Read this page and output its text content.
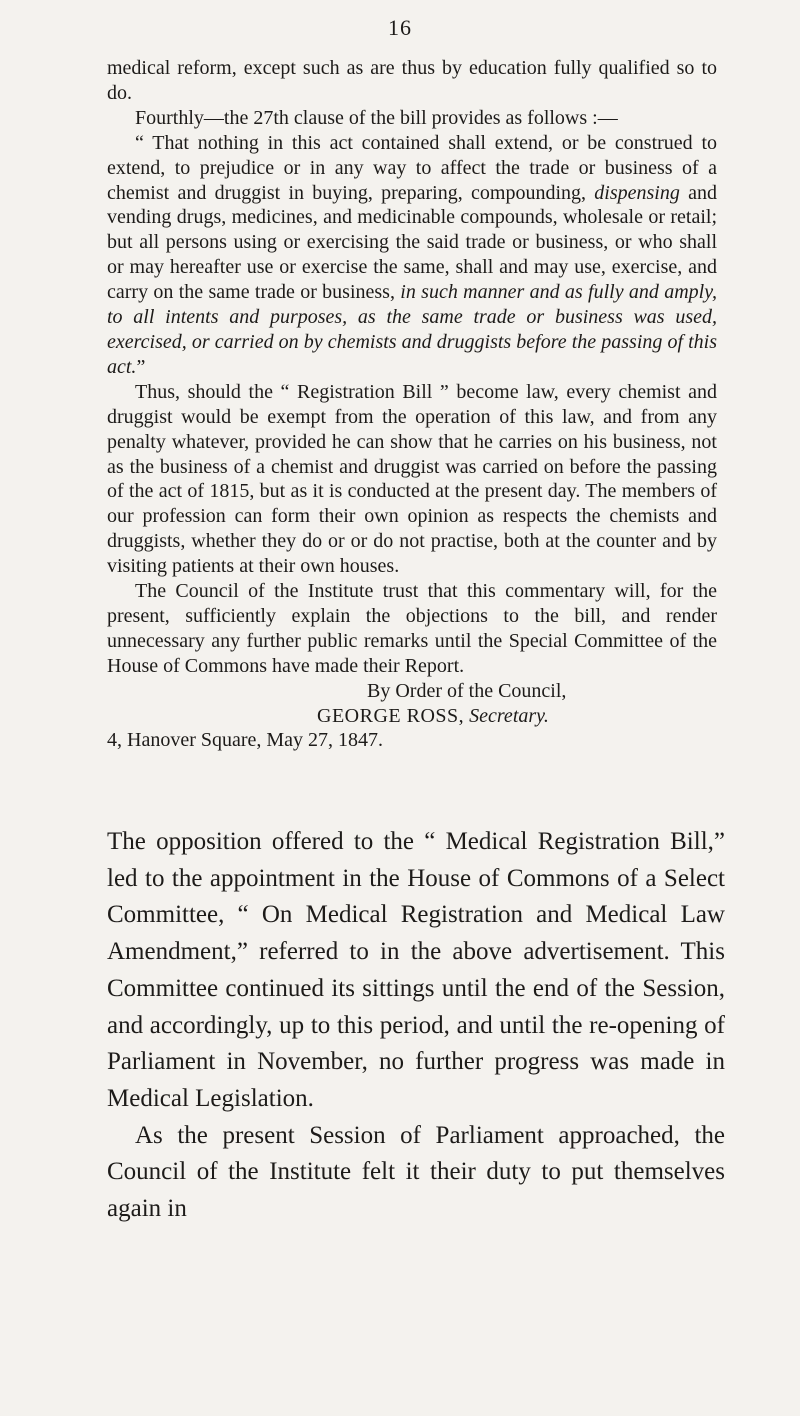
16

medical reform, except such as are thus by education fully qualified so to do.

Fourthly—the 27th clause of the bill provides as follows :—

“ That nothing in this act contained shall extend, or be construed to extend, to prejudice or in any way to affect the trade or business of a chemist and druggist in buying, preparing, compounding, dispensing and vending drugs, medicines, and medicinable compounds, wholesale or retail; but all persons using or exercising the said trade or business, or who shall or may hereafter use or exercise the same, shall and may use, exercise, and carry on the same trade or business, in such manner and as fully and amply, to all intents and purposes, as the same trade or business was used, exercised, or carried on by chemists and druggists before the passing of this act.”

Thus, should the “ Registration Bill ” become law, every chemist and druggist would be exempt from the operation of this law, and from any penalty whatever, provided he can show that he carries on his business, not as the business of a chemist and druggist was carried on before the passing of the act of 1815, but as it is conducted at the present day. The members of our profession can form their own opinion as respects the chemists and druggists, whether they do or or do not practise, both at the counter and by visiting patients at their own houses.

The Council of the Institute trust that this commentary will, for the present, sufficiently explain the objections to the bill, and render unnecessary any further public remarks until the Special Committee of the House of Commons have made their Report.

By Order of the Council,

GEORGE ROSS, Secretary.

4, Hanover Square, May 27, 1847.

The opposition offered to the “ Medical Registration Bill,” led to the appointment in the House of Commons of a Select Committee, “ On Medical Registration and Medical Law Amendment,” referred to in the above advertisement. This Committee continued its sittings until the end of the Session, and accordingly, up to this period, and until the re-opening of Parliament in November, no further progress was made in Medical Legislation.

As the present Session of Parliament approached, the Council of the Institute felt it their duty to put themselves again in
